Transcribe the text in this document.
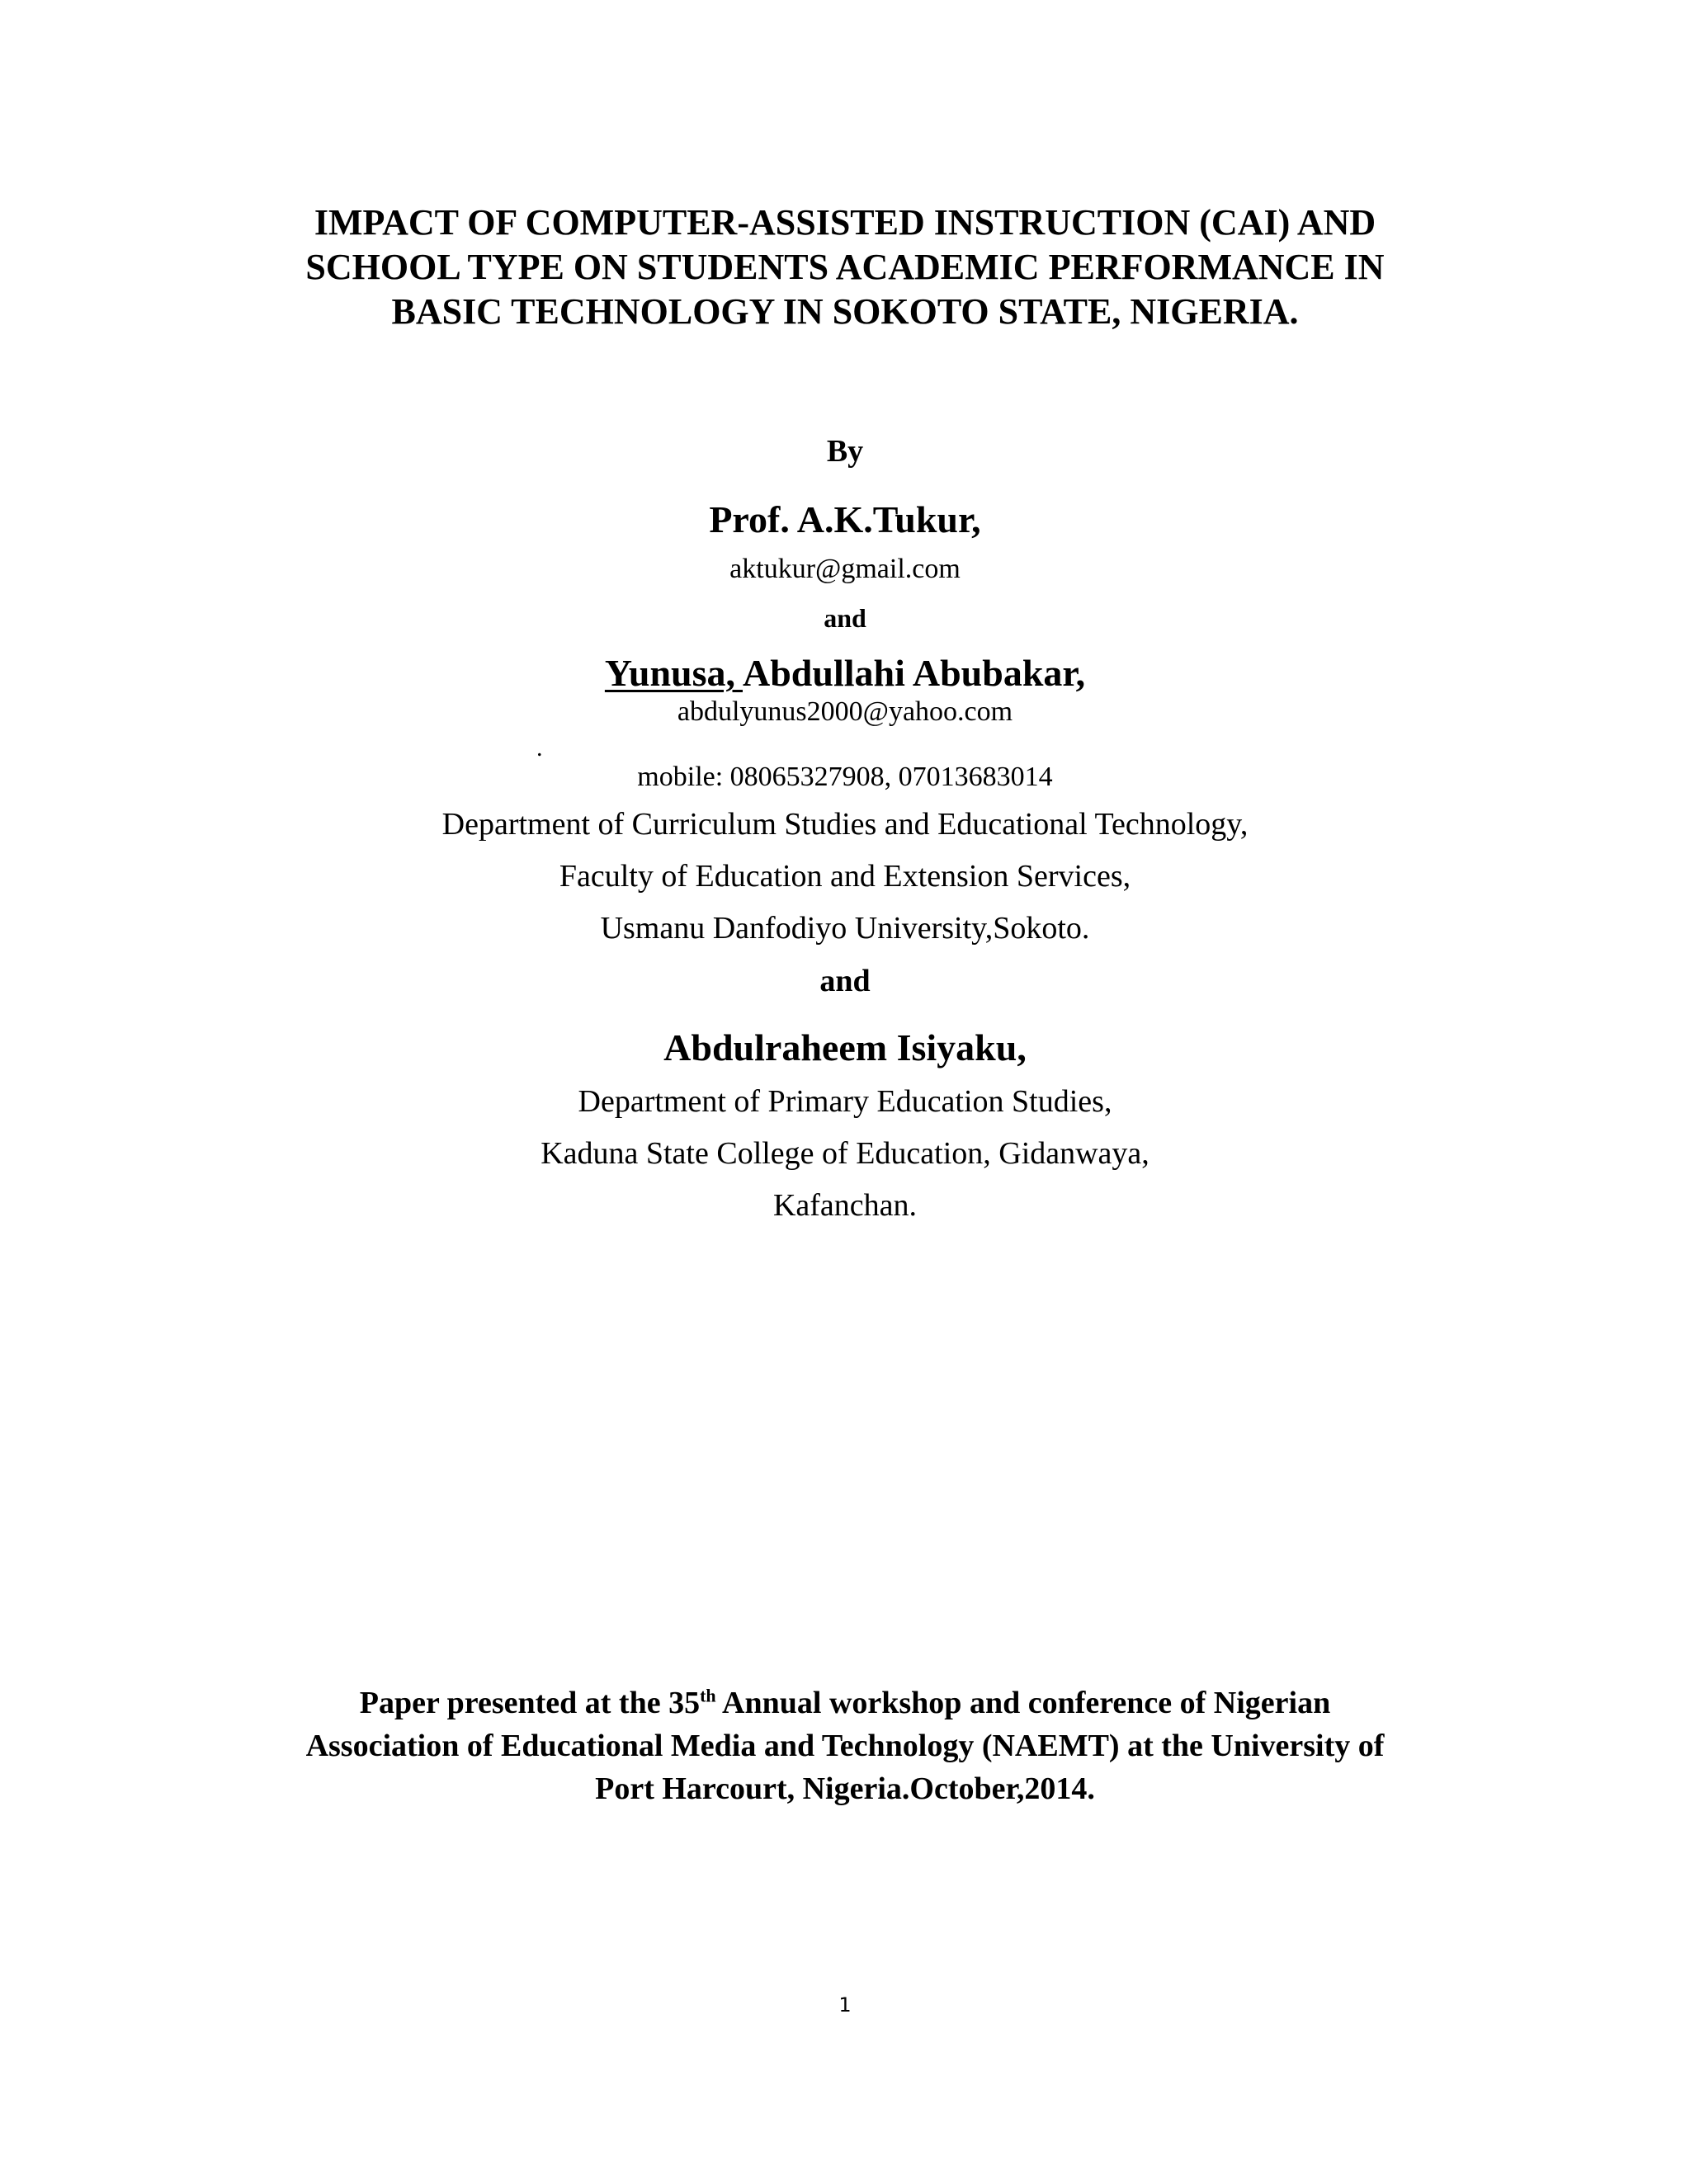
IMPACT OF COMPUTER-ASSISTED INSTRUCTION (CAI) AND
SCHOOL TYPE ON STUDENTS ACADEMIC PERFORMANCE IN
BASIC TECHNOLOGY IN SOKOTO STATE, NIGERIA.
By
Prof. A.K.Tukur,
aktukur@gmail.com
and
Yunusa, Abdullahi Abubakar,
abdulyunus2000@yahoo.com
.
mobile: 08065327908, 07013683014
Department of Curriculum Studies and Educational Technology,
Faculty of Education and Extension Services,
Usmanu Danfodiyo University,Sokoto.
and
Abdulraheem Isiyaku,
Department of Primary Education Studies,
Kaduna State College of Education, Gidanwaya,
Kafanchan.
Paper presented at the 35th Annual workshop and conference of Nigerian
Association of Educational Media and Technology (NAEMT) at the University of
Port Harcourt, Nigeria.October,2014.
1
